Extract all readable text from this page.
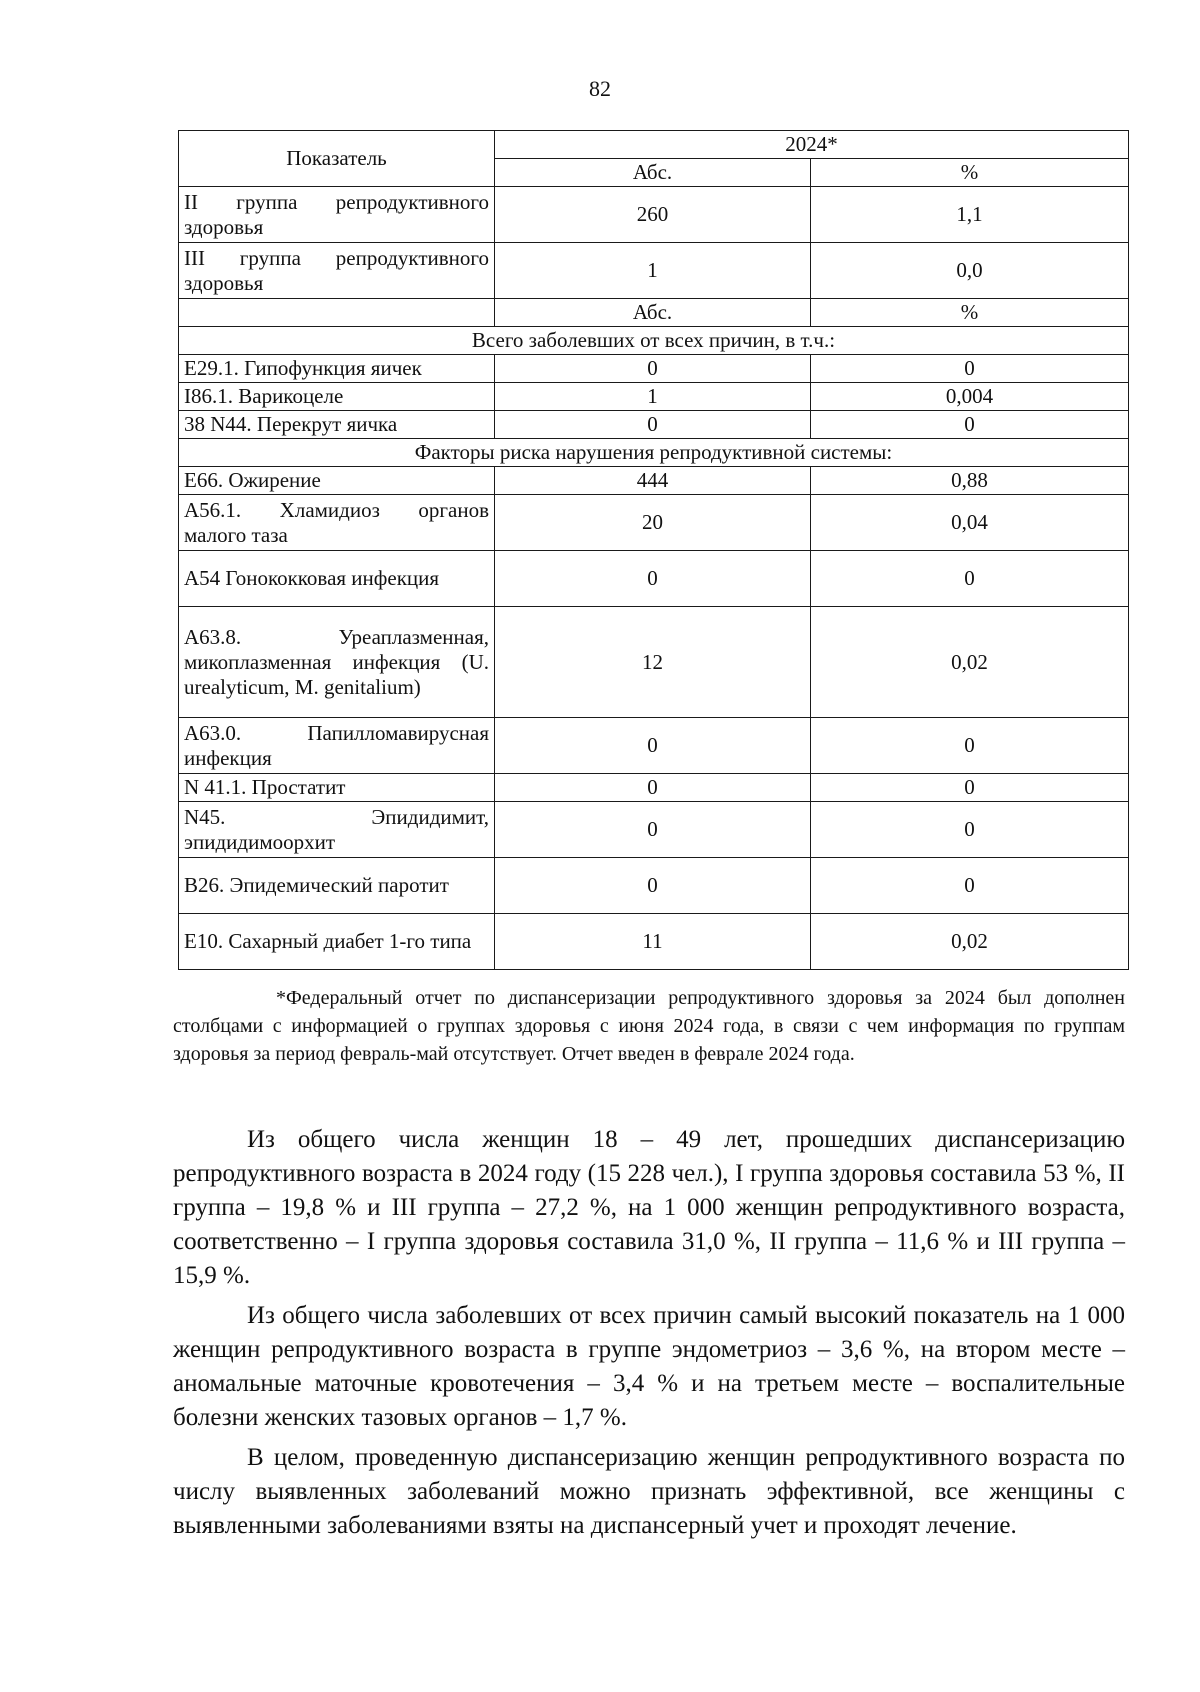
82
Показатель	2024*	
	Абс.	%
II группа репродуктивного здоровья	260	1,1
III группа репродуктивного здоровья	1	0,0
	Абс.	%
Всего заболевших от всех причин, в т.ч.:		
Е29.1. Гипофункция яичек	0	0
I86.1. Варикоцеле	1	0,004
38 N44. Перекрут яичка	0	0
Факторы риска нарушения репродуктивной системы:		
Е66. Ожирение	444	0,88
А56.1. Хламидиоз органов малого таза	20	0,04
А54 Гонококковая инфекция	0	0
А63.8. Уреаплазменная, микоплазменная инфекция (U. urealyticum, M. genitalium)	12	0,02
А63.0. Папилломавирусная инфекция	0	0
N 41.1. Простатит	0	0
N45. Эпидидимит, эпидидимоорхит	0	0
В26. Эпидемический паротит	0	0
Е10. Сахарный диабет 1-го типа	11	0,02

*Федеральный отчет по диспансеризации репродуктивного здоровья за 2024 был дополнен столбцами с информацией о группах здоровья с июня 2024 года, в связи с чем информация по группам здоровья за период февраль-май отсутствует. Отчет введен в феврале 2024 года.

Из общего числа женщин 18 – 49 лет, прошедших диспансеризацию репродуктивного возраста в 2024 году (15 228 чел.), I группа здоровья составила 53 %, II группа – 19,8 % и III группа – 27,2 %, на 1 000 женщин репродуктивного возраста, соответственно – I группа здоровья составила 31,0 %, II группа – 11,6 % и III группа – 15,9 %.

Из общего числа заболевших от всех причин самый высокий показатель на 1 000 женщин репродуктивного возраста в группе эндометриоз – 3,6 %, на втором месте – аномальные маточные кровотечения – 3,4 % и на третьем месте – воспалительные болезни женских тазовых органов – 1,7 %.

В целом, проведенную диспансеризацию женщин репродуктивного возраста по числу выявленных заболеваний можно признать эффективной, все женщины с выявленными заболеваниями взяты на диспансерный учет и проходят лечение.
